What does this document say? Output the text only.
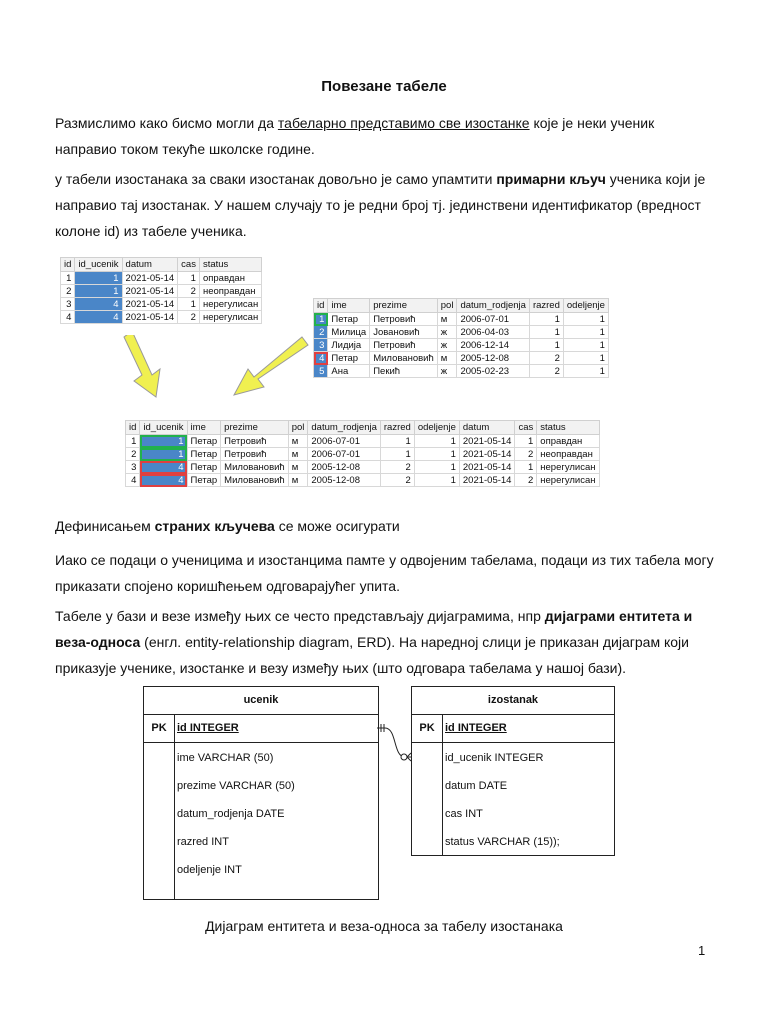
Повезане табеле
Размислимо како бисмо могли да табеларно представимо све изостанке које је неки ученик направио током текуће школске године.
у табели изостанака за сваки изостанак довољно је само упамтити примарни кључ ученика који је направио тај изостанак. У нашем случају то је редни број тј. јединствени идентификатор (вредност колоне id) из табеле ученика.
id	id_ucenik	datum	cas	status
1	1	2021-05-14	1	оправдан
2	1	2021-05-14	2	неоправдан
3	4	2021-05-14	1	нерегулисан
4	4	2021-05-14	2	нерегулисан
id	ime	prezime	pol	datum_rodjenja	razred	odeljenje
1	Петар	Петровић	м	2006-07-01	1	1
2	Милица	Јовановић	ж	2006-04-03	1	1
3	Лидија	Петровић	ж	2006-12-14	1	1
4	Петар	Миловановић	м	2005-12-08	2	1
5	Ана	Пекић	ж	2005-02-23	2	1
id	id_ucenik	ime	prezime	pol	datum_rodjenja	razred	odeljenje	datum	cas	status
1	1	Петар	Петровић	м	2006-07-01	1	1	2021-05-14	1	оправдан
2	1	Петар	Петровић	м	2006-07-01	1	1	2021-05-14	2	неоправдан
3	4	Петар	Миловановић	м	2005-12-08	2	1	2021-05-14	1	нерегулисан
4	4	Петар	Миловановић	м	2005-12-08	2	1	2021-05-14	2	нерегулисан
Дефинисањем страних кључева се може осигурати
Иако се подаци о ученицима и изостанцима памте у одвојеним табелама, подаци из тих табела могу приказати спојено коришћењем одговарајућег упита.
Табеле у бази и везе између њих се често представљају дијаграмима, нпр дијаграми ентитета и веза-односа (енгл. entity-relationship diagram, ERD). На наредној слици је приказан дијаграм који приказује ученике, изостанке и везу између њих (што одговара табелама у нашој бази).
ucenik
PK id INTEGER
ime VARCHAR (50)
prezime VARCHAR (50)
datum_rodjenja DATE
razred INT
odeljenje INT
izostanak
PK id INTEGER
id_ucenik INTEGER
datum DATE
cas INT
status VARCHAR (15));
Дијаграм ентитета и веза-односа за табелу изостанака
1
